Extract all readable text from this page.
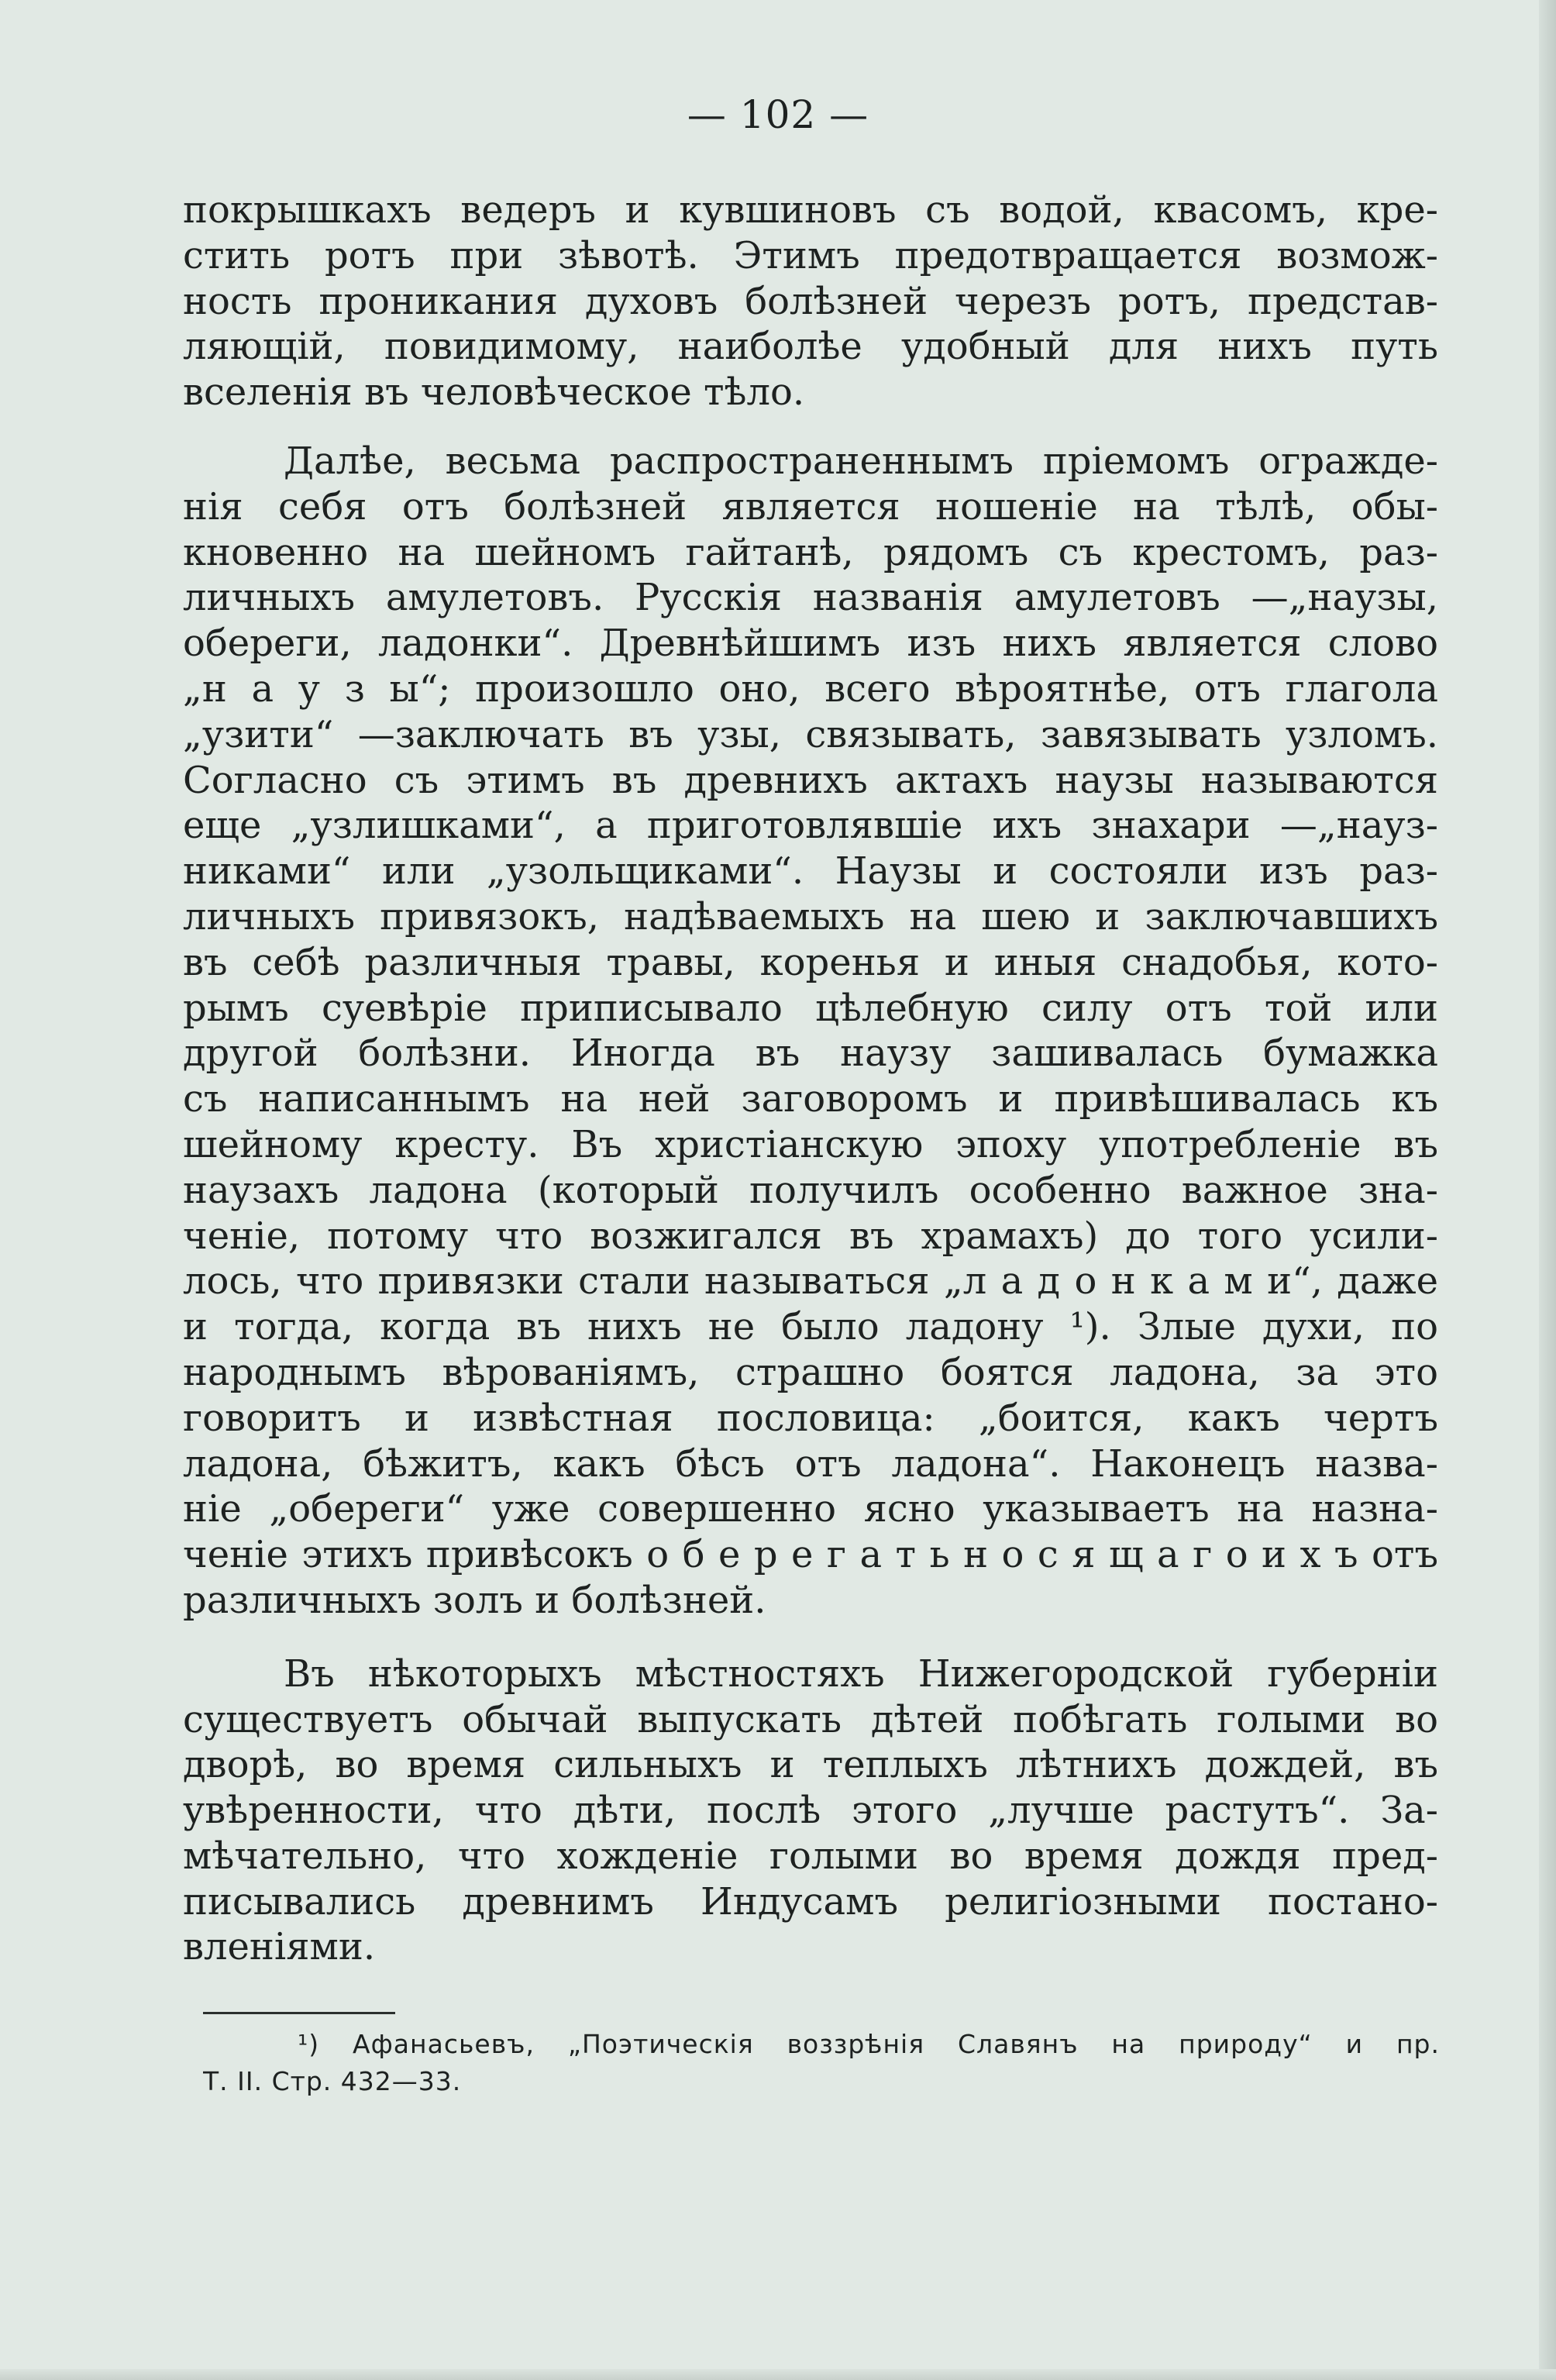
— 102 —
покрышкахъ ведеръ и кувшиновъ съ водой, квасомъ, кре-
стить ротъ при зѣвотѣ. Этимъ предотвращается возмож-
ность проникания духовъ болѣзней черезъ ротъ, представ-
ляющій, повидимому, наиболѣе удобный для нихъ путь
вселенія въ человѣческое тѣло.
Далѣе, весьма распространеннымъ пріемомъ огражде-
нія себя отъ болѣзней является ношеніе на тѣлѣ, обы-
кновенно на шейномъ гайтанѣ, рядомъ съ крестомъ, раз-
личныхъ амулетовъ. Русскія названія амулетовъ —„наузы,
обереги, ладонки“. Древнѣйшимъ изъ нихъ является слово
„н а у з ы“; произошло оно, всего вѣроятнѣе, отъ глагола
„узити“ —заключать въ узы, связывать, завязывать узломъ.
Согласно съ этимъ въ древнихъ актахъ наузы называются
еще „узлишками“, а приготовлявшіе ихъ знахари —„науз-
никами“ или „узольщиками“. Наузы и состояли изъ раз-
личныхъ привязокъ, надѣваемыхъ на шею и заключавшихъ
въ себѣ различныя травы, коренья и иныя снадобья, кото-
рымъ суевѣріе приписывало цѣлебную силу отъ той или
другой болѣзни. Иногда въ наузу зашивалась бумажка
съ написаннымъ на ней заговоромъ и привѣшивалась къ
шейному кресту. Въ христіанскую эпоху употребленіе въ
наузахъ ладона (который получилъ особенно важное зна-
ченіе, потому что возжигался въ храмахъ) до того усили-
лось, что привязки стали называться „л а д о н к а м и“, даже
и тогда, когда въ нихъ не было ладону ¹). Злые духи, по
народнымъ вѣрованіямъ, страшно боятся ладона, за это
говоритъ и извѣстная пословица: „боится, какъ чертъ
ладона, бѣжитъ, какъ бѣсъ отъ ладона“. Наконецъ назва-
ніе „обереги“ уже совершенно ясно указываетъ на назна-
ченіе этихъ привѣсокъ о б е р е г а т ь н о с я щ а г о и х ъ отъ
различныхъ золъ и болѣзней.
Въ нѣкоторыхъ мѣстностяхъ Нижегородской губерніи
существуетъ обычай выпускать дѣтей побѣгать голыми во
дворѣ, во время сильныхъ и теплыхъ лѣтнихъ дождей, въ
увѣренности, что дѣти, послѣ этого „лучше растутъ“. За-
мѣчательно, что хожденіе голыми во время дождя пред-
писывались древнимъ Индусамъ религіозными постано-
вленіями.
¹) Афанасьевъ, „Поэтическія воззрѣнія Славянъ на природу“ и пр.
Т. II. Стр. 432—33.
